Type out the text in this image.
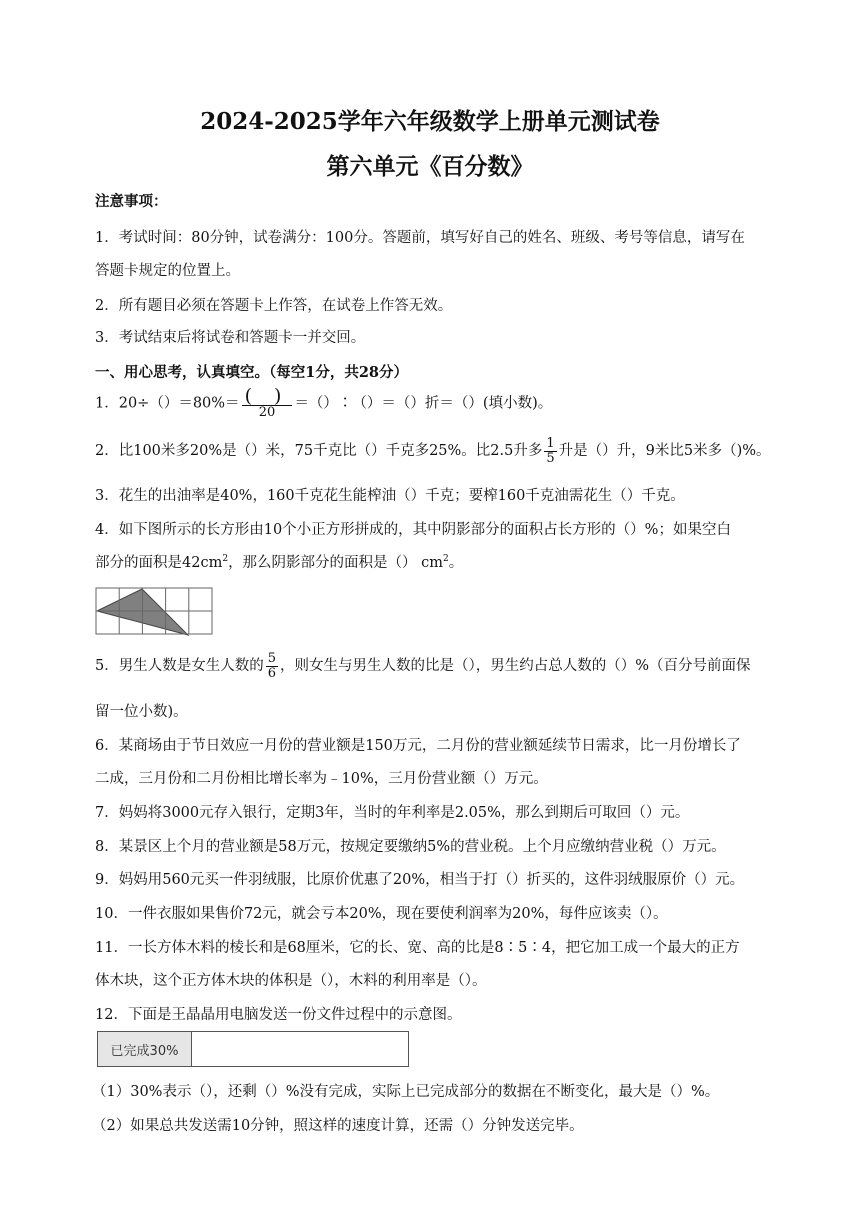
2024-2025学年六年级数学上册单元测试卷
第六单元《百分数》
注意事项：
1．考试时间：80分钟，试卷满分：100分。答题前，填写好自己的姓名、班级、考号等信息，请写在
答题卡规定的位置上。
2．所有题目必须在答题卡上作答，在试卷上作答无效。
3．考试结束后将试卷和答题卡一并交回。
一、用心思考，认真填空。（每空1分，共28分）
1．$20\div()=80\%= \frac{( )}{20}$ ＝（）∶（）＝（）折＝（）(填小数)。
2．比100米多20%是（）米，75千克比（）千克多25%。比2.5升多 $\frac{1}{5}$ 升是（）升，9米比5米多（)%。
3．花生的出油率是40%，160千克花生能榨油（）千克；要榨160千克油需花生（）千克。
4．如下图所示的长方形由10个小正方形拼成的，其中阴影部分的面积占长方形的（）%；如果空白
部分的面积是$42cm^2$，那么阴影部分的面积是（） $cm^2$。
5．男生人数是女生人数的 $\frac{5}{6}$ ，则女生与男生人数的比是（），男生约占总人数的（）%（百分号前面保
留一位小数)。
6．某商场由于节日效应一月份的营业额是150万元，二月份的营业额延续节日需求，比一月份增长了
二成，三月份和二月份相比增长率为﹣10%，三月份营业额（）万元。
7．妈妈将3000元存入银行，定期3年，当时的年利率是2.05%，那么到期后可取回（）元。
8．某景区上个月的营业额是58万元，按规定要缴纳5%的营业税。上个月应缴纳营业税（）万元。
9．妈妈用560元买一件羽绒服，比原价优惠了20%，相当于打（）折买的，这件羽绒服原价（）元。
10．一件衣服如果售价72元，就会亏本20%，现在要使利润率为20%，每件应该卖（）。
11．一长方体木料的棱长和是68厘米，它的长、宽、高的比是8∶5∶4，把它加工成一个最大的正方
体木块，这个正方体木块的体积是（），木料的利用率是（）。
12．下面是王晶晶用电脑发送一份文件过程中的示意图。
已完成30%
（1）30%表示（），还剩（）%没有完成，实际上已完成部分的数据在不断变化，最大是（）%。
（2）如果总共发送需10分钟，照这样的速度计算，还需（）分钟发送完毕。
